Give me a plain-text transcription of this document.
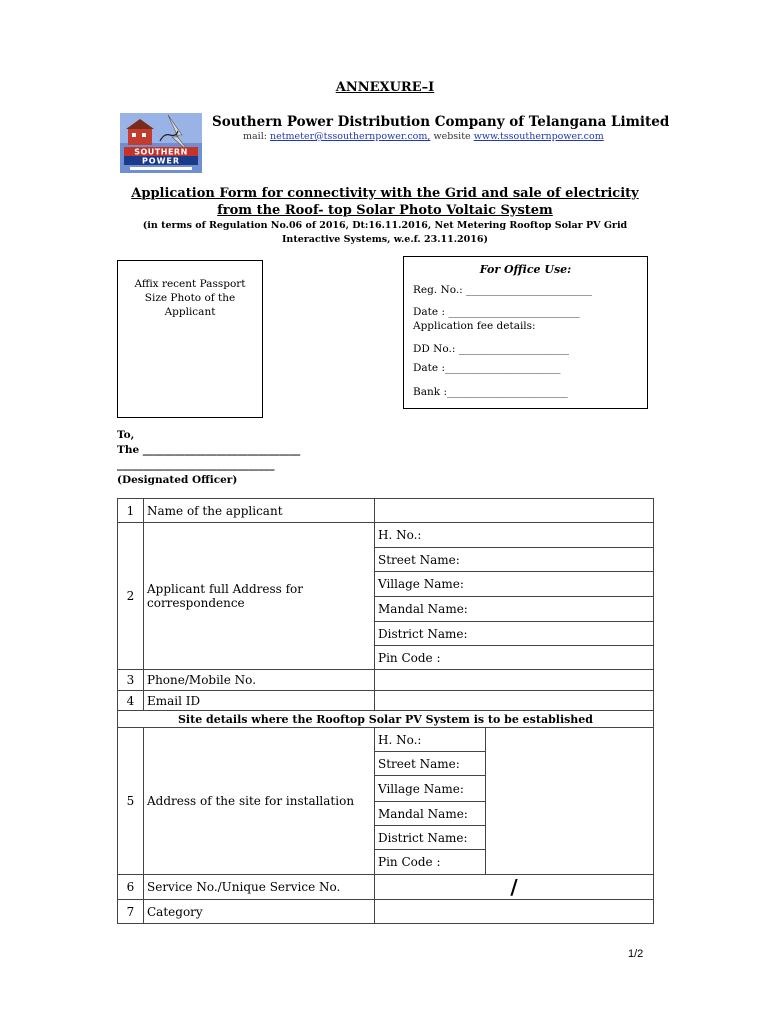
ANNEXURE–I
SOUTHERN
POWER
Southern Power Distribution Company of Telangana Limited
mail: netmeter@tssouthernpower.com, website www.tssouthernpower.com
Application Form for connectivity with the Grid and sale of electricity
from the Roof- top Solar Photo Voltaic System
(in terms of Regulation No.06 of 2016, Dt:16.11.2016, Net Metering Rooftop Solar PV Grid
Interactive Systems, w.e.f. 23.11.2016)
Affix recent Passport
Size Photo of the
Applicant
For Office Use:
Reg. No.: ________________________
Date : _________________________
Application fee details:
DD No.: _____________________
Date :______________________
Bank :_______________________
To,
The ______________________________
______________________________
(Designated Officer)
1	Name of the applicant		
2	Applicant full Address for
correspondence	H. No.:	
		Street Name:	
		Village Name:	
		Mandal Name:	
		District Name:	
		Pin Code :	
3	Phone/Mobile No.		
4	Email ID		
Site details where the Rooftop Solar PV System is to be established			
5	Address of the site for installation	H. No.:	
		Street Name:	
		Village Name:	
		Mandal Name:	
		District Name:	
		Pin Code :	
6	Service No./Unique Service No.	/	
7	Category		
1/2
